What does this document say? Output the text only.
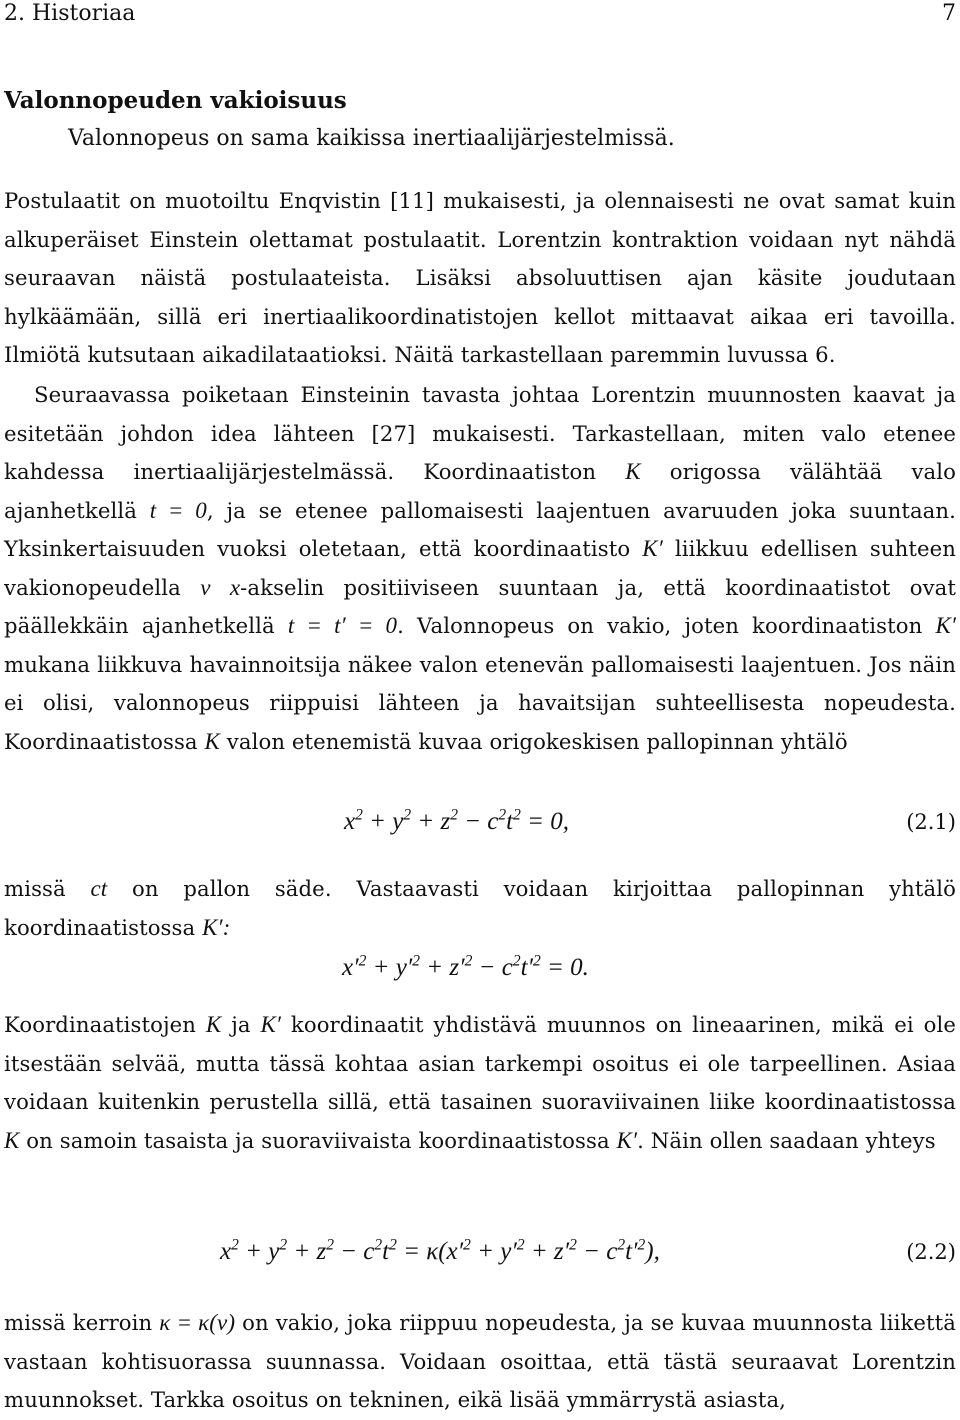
2. Historiaa	7
Valonnopeuden vakioisuus
Valonnopeus on sama kaikissa inertiaalijärjestelmissä.
Postulaatit on muotoiltu Enqvistin [11] mukaisesti, ja olennaisesti ne ovat samat kuin alkuperäiset Einstein olettamat postulaatit. Lorentzin kontraktion voidaan nyt nähdä seuraavan näistä postulaateista. Lisäksi absoluuttisen ajan käsite joudutaan hylkäämään, sillä eri inertiaalikoordinatistojen kellot mittaavat aikaa eri tavoilla. Ilmiötä kutsutaan aikadilataatioksi. Näitä tarkastellaan paremmin luvussa 6.
Seuraavassa poiketaan Einsteinin tavasta johtaa Lorentzin muunnosten kaavat ja esitetään johdon idea lähteen [27] mukaisesti. Tarkastellaan, miten valo etenee kahdessa inertiaalijärjestelmässä. Koordinaatiston K origossa välähtää valo ajanhetkellä t = 0, ja se etenee pallomaisesti laajentuen avaruuden joka suuntaan. Yksinkertaisuuden vuoksi oletetaan, että koordinaatisto K′ liikkuu edellisen suhteen vakionopeudella v x-akselin positiiviseen suuntaan ja, että koordinaatistot ovat päällekkäin ajanhetkellä t = t′ = 0. Valonnopeus on vakio, joten koordinaatiston K′ mukana liikkuva havainnoitsija näkee valon etenevän pallomaisesti laajentuen. Jos näin ei olisi, valonnopeus riippuisi lähteen ja havaitsijan suhteellisesta nopeudesta. Koordinaatistossa K valon etenemistä kuvaa origokeskisen pallopinnan yhtälö
$x^2 + y^2 + z^2 - c^2t^2 = 0$,	(2.1)
missä ct on pallon säde. Vastaavasti voidaan kirjoittaa pallopinnan yhtälö koordinaatistossa K′:
$x'^2 + y'^2 + z'^2 - c^2t'^2 = 0$.
Koordinaatistojen K ja K′ koordinaatit yhdistävä muunnos on lineaarinen, mikä ei ole itsestään selvää, mutta tässä kohtaa asian tarkempi osoitus ei ole tarpeellinen. Asiaa voidaan kuitenkin perustella sillä, että tasainen suoraviivainen liike koordinaatistossa K on samoin tasaista ja suoraviivaista koordinaatistossa K′. Näin ollen saadaan yhteys
$x^2 + y^2 + z^2 - c^2t^2 = \kappa(x'^2 + y'^2 + z'^2 - c^2t'^2)$,	(2.2)
missä kerroin κ = κ(v) on vakio, joka riippuu nopeudesta, ja se kuvaa muunnosta liikettä vastaan kohtisuorassa suunnassa. Voidaan osoittaa, että tästä seuraavat Lorentzin muunnokset. Tarkka osoitus on tekninen, eikä lisää ymmärrystä asiasta,
